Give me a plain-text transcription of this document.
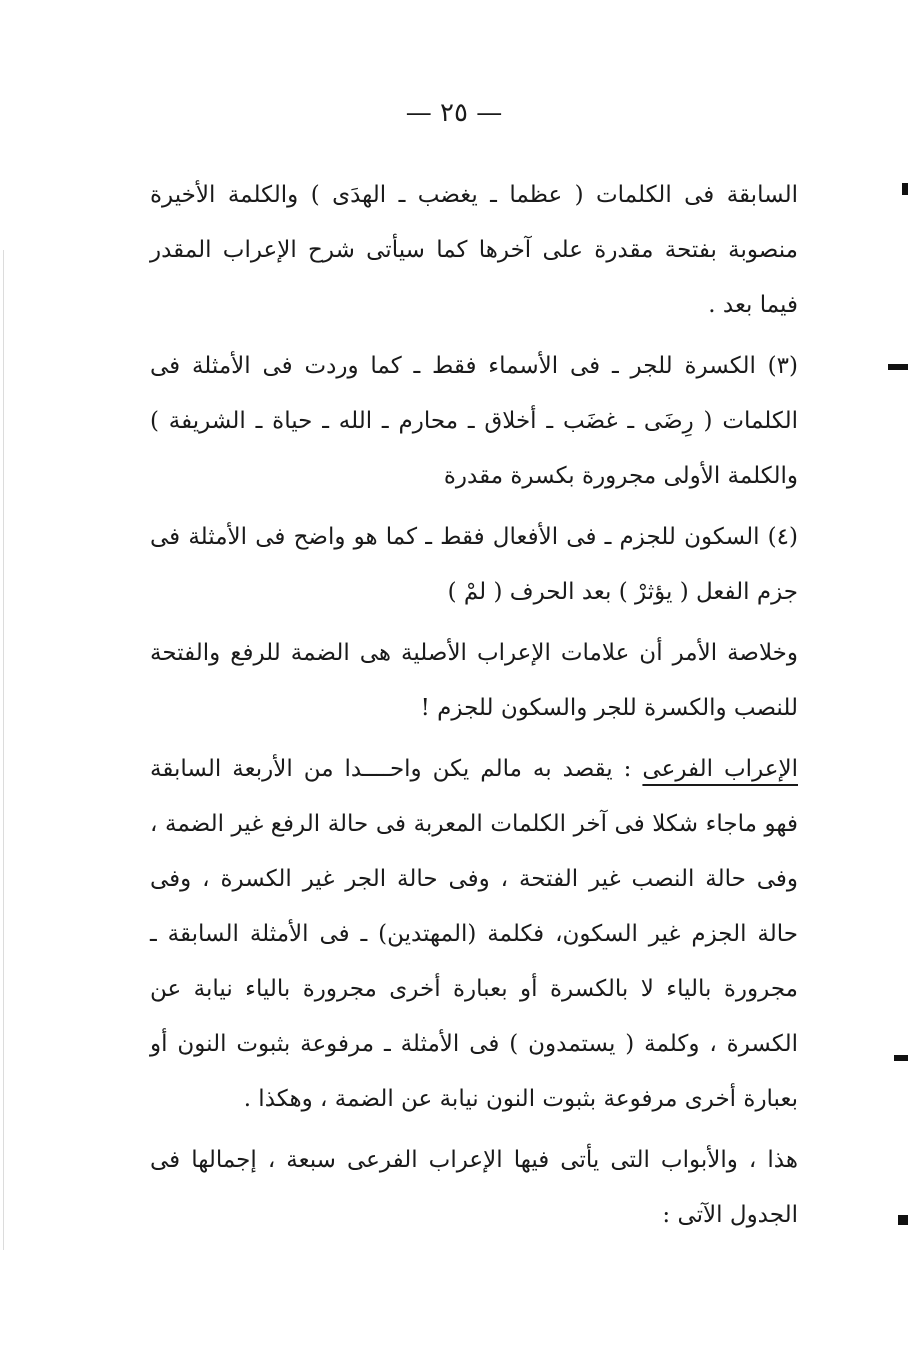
— ٢٥ —

السابقة فى الكلمات ( عظما ـ يغضب ـ الهدَى ) والكلمة الأخيرة منصوبة بفتحة مقدرة على آخرها كما سيأتى شرح الإعراب المقدر فيما بعد .

(٣) الكسرة للجر ـ فى الأسماء فقط ـ كما وردت فى الأمثلة فى الكلمات ( رِضَى ـ غضَب ـ أخلاق ـ محارم ـ الله ـ حياة ـ الشريفة ) والكلمة الأولى مجرورة بكسرة مقدرة

(٤) السكون للجزم ـ فى الأفعال فقط ـ كما هو واضح فى الأمثلة فى جزم الفعل ( يؤثرْ ) بعد الحرف ( لمْ )

وخلاصة الأمر أن علامات الإعراب الأصلية هى الضمة للرفع والفتحة للنصب والكسرة للجر والسكون للجزم !

الإعراب الفرعى : يقصد به مالم يكن واحــــدا من الأربعة السابقة فهو ماجاء شكلا فى آخر الكلمات المعربة فى حالة الرفع غير الضمة ، وفى حالة النصب غير الفتحة ، وفى حالة الجر غير الكسرة ، وفى حالة الجزم غير السكون، فكلمة (المهتدين) ـ فى الأمثلة السابقة ـ مجرورة بالياء لا بالكسرة أو بعبارة أخرى مجرورة بالياء نيابة عن الكسرة ، وكلمة ( يستمدون ) فى الأمثلة ـ مرفوعة بثبوت النون أو بعبارة أخرى مرفوعة بثبوت النون نيابة عن الضمة ، وهكذا .

هذا ، والأبواب التى يأتى فيها الإعراب الفرعى سبعة ، إجمالها فى الجدول الآتى :
